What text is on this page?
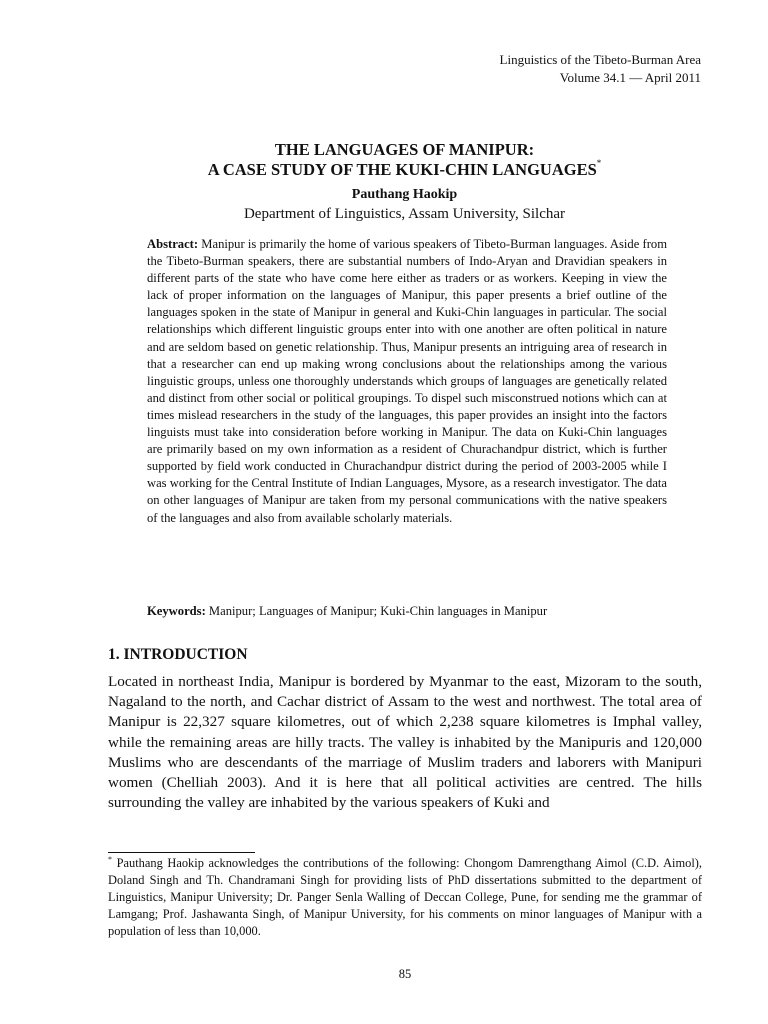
Linguistics of the Tibeto-Burman Area
Volume 34.1 — April 2011
THE LANGUAGES OF MANIPUR:
A CASE STUDY OF THE KUKI-CHIN LANGUAGES*
Pauthang Haokip
Department of Linguistics, Assam University, Silchar

Abstract: Manipur is primarily the home of various speakers of Tibeto-Burman languages. Aside from the Tibeto-Burman speakers, there are substantial numbers of Indo-Aryan and Dravidian speakers in different parts of the state who have come here either as traders or as workers. Keeping in view the lack of proper information on the languages of Manipur, this paper presents a brief outline of the languages spoken in the state of Manipur in general and Kuki-Chin languages in particular. The social relationships which different linguistic groups enter into with one another are often political in nature and are seldom based on genetic relationship. Thus, Manipur presents an intriguing area of research in that a researcher can end up making wrong conclusions about the relationships among the various linguistic groups, unless one thoroughly understands which groups of languages are genetically related and distinct from other social or political groupings. To dispel such misconstrued notions which can at times mislead researchers in the study of the languages, this paper provides an insight into the factors linguists must take into consideration before working in Manipur. The data on Kuki-Chin languages are primarily based on my own information as a resident of Churachandpur district, which is further supported by field work conducted in Churachandpur district during the period of 2003-2005 while I was working for the Central Institute of Indian Languages, Mysore, as a research investigator. The data on other languages of Manipur are taken from my personal communications with the native speakers of the languages and also from available scholarly materials.

Keywords: Manipur; Languages of Manipur; Kuki-Chin languages in Manipur

1. INTRODUCTION

Located in northeast India, Manipur is bordered by Myanmar to the east, Mizoram to the south, Nagaland to the north, and Cachar district of Assam to the west and northwest. The total area of Manipur is 22,327 square kilometres, out of which 2,238 square kilometres is Imphal valley, while the remaining areas are hilly tracts. The valley is inhabited by the Manipuris and 120,000 Muslims who are descendants of the marriage of Muslim traders and laborers with Manipuri women (Chelliah 2003). And it is here that all political activities are centred. The hills surrounding the valley are inhabited by the various speakers of Kuki and

* Pauthang Haokip acknowledges the contributions of the following: Chongom Damrengthang Aimol (C.D. Aimol), Doland Singh and Th. Chandramani Singh for providing lists of PhD dissertations submitted to the department of Linguistics, Manipur University; Dr. Panger Senla Walling of Deccan College, Pune, for sending me the grammar of Lamgang; Prof. Jashawanta Singh, of Manipur University, for his comments on minor languages of Manipur with a population of less than 10,000.

85
